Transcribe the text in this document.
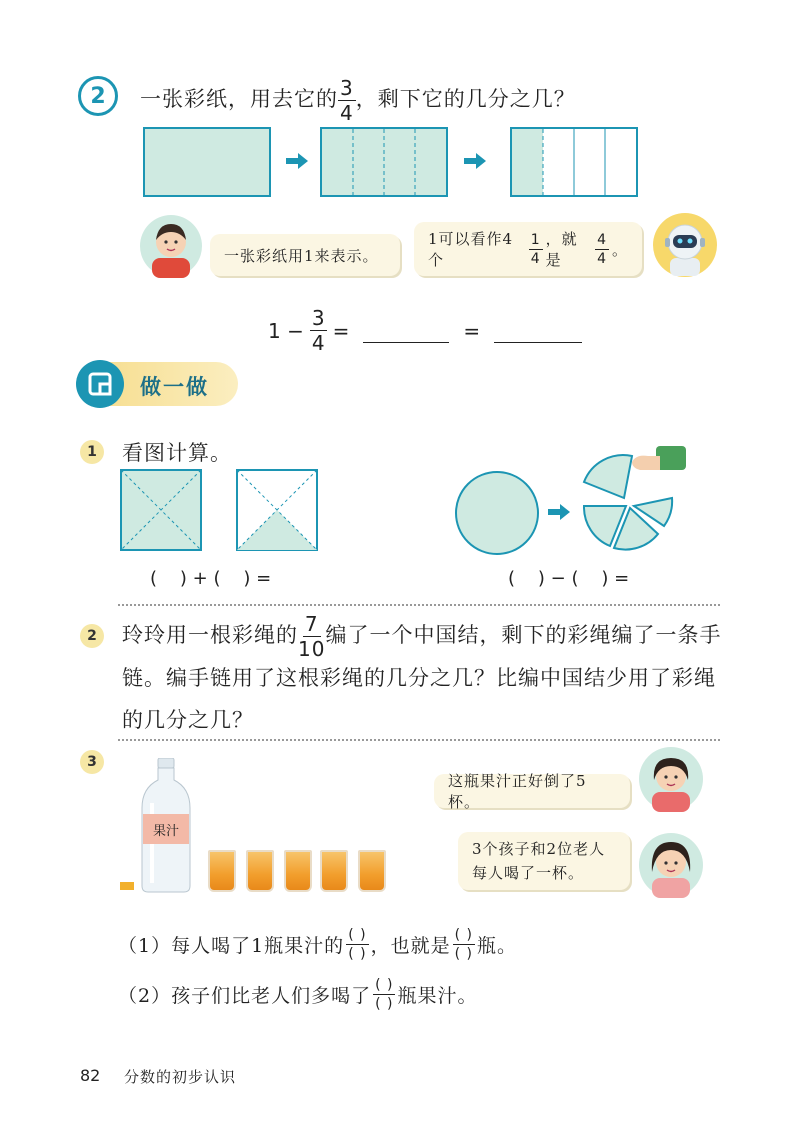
2 一张彩纸，用去它的 $\frac{3}{4}$ ，剩下它的几分之几？
一张彩纸用1来表示。
1可以看作4个	$\frac{1}{4}$ ，就是	$\frac{4}{4}$ 。
$1 - \frac{3}{4}$ =	=
做一做
1 看图计算。
(    ) + (    ) =	(    ) − (    ) =
2 玲玲用一根彩绳的 $\frac{7}{10}$ 编了一个中国结，剩下的彩绳编了一条手
链。编手链用了这根彩绳的几分之几？比编中国结少用了彩绳
的几分之几？
3
果汁
这瓶果汁正好倒了5杯。
3个孩子和2位老人
每人喝了一杯。
（1） 每人喝了1瓶果汁的 $\frac{( )}{( )}$ ，也就是 $\frac{( )}{( )}$ 瓶。
（2） 孩子们比老人们多喝了 $\frac{( )}{( )}$ 瓶果汁。
82 分数的初步认识
